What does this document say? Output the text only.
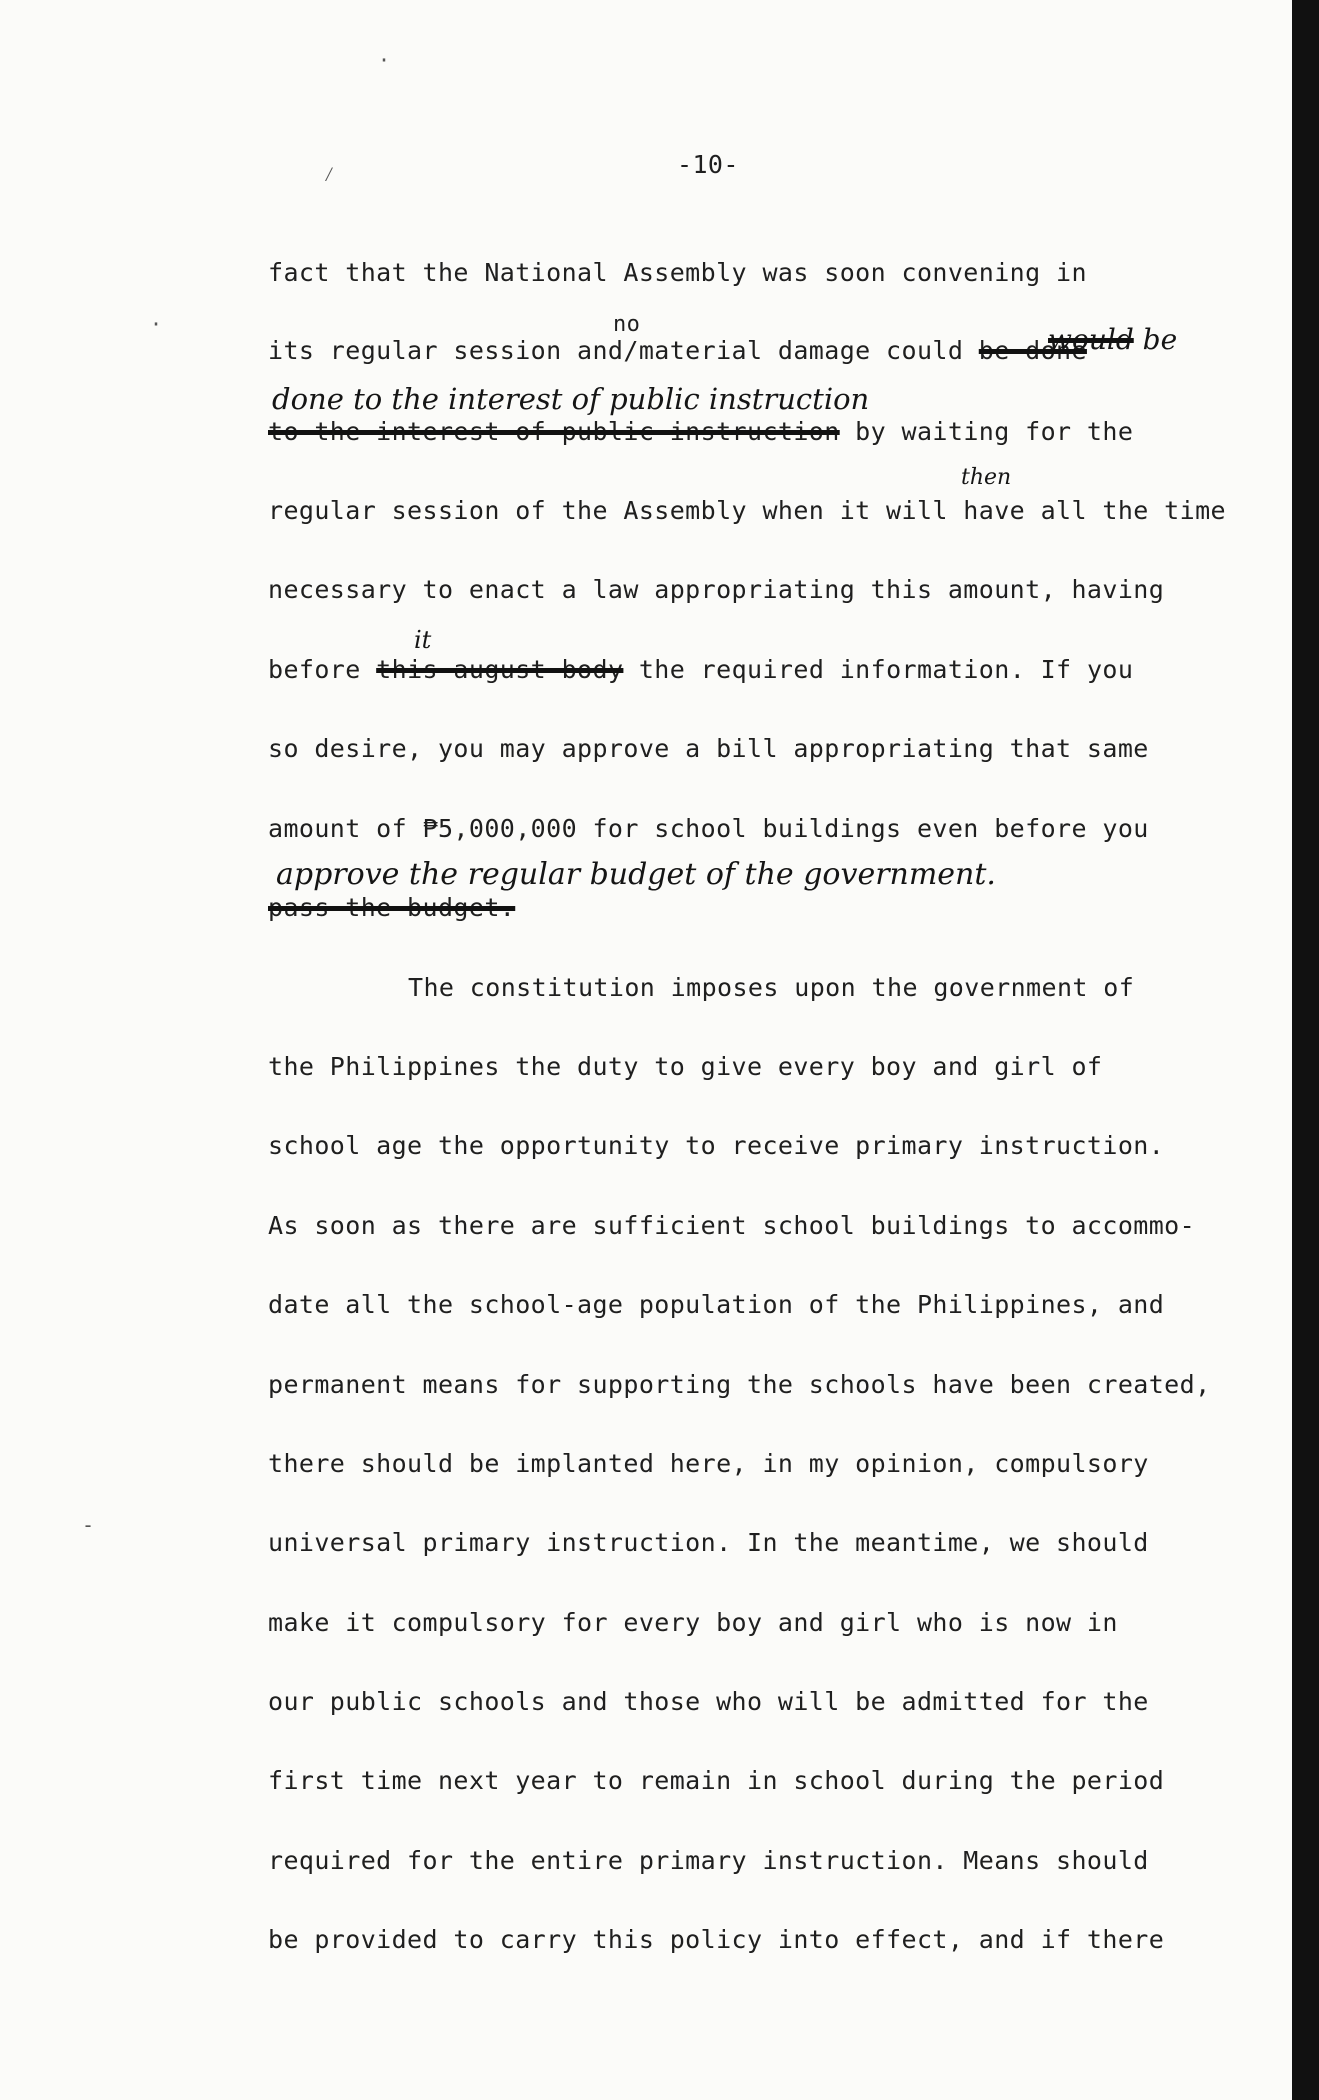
·
⁄
·
-
-10-
fact that the National Assembly was soon convening in
no
its regular session and/material damage could be done
would be
done to the interest of public instruction
to the interest of public instruction by waiting for the
then
regular session of the Assembly when it will have all the time
necessary to enact a law appropriating this amount, having
it
before this august body the required information. If you
so desire, you may approve a bill appropriating that same
amount of ₱5,000,000 for school buildings even before you
approve the regular budget of the government.
pass the budget.
The constitution imposes upon the government of
the Philippines the duty to give every boy and girl of
school age the opportunity to receive primary instruction.
As soon as there are sufficient school buildings to accommo-
date all the school-age population of the Philippines, and
permanent means for supporting the schools have been created,
there should be implanted here, in my opinion, compulsory
universal primary instruction. In the meantime, we should
make it compulsory for every boy and girl who is now in
our public schools and those who will be admitted for the
first time next year to remain in school during the period
required for the entire primary instruction. Means should
be provided to carry this policy into effect, and if there
